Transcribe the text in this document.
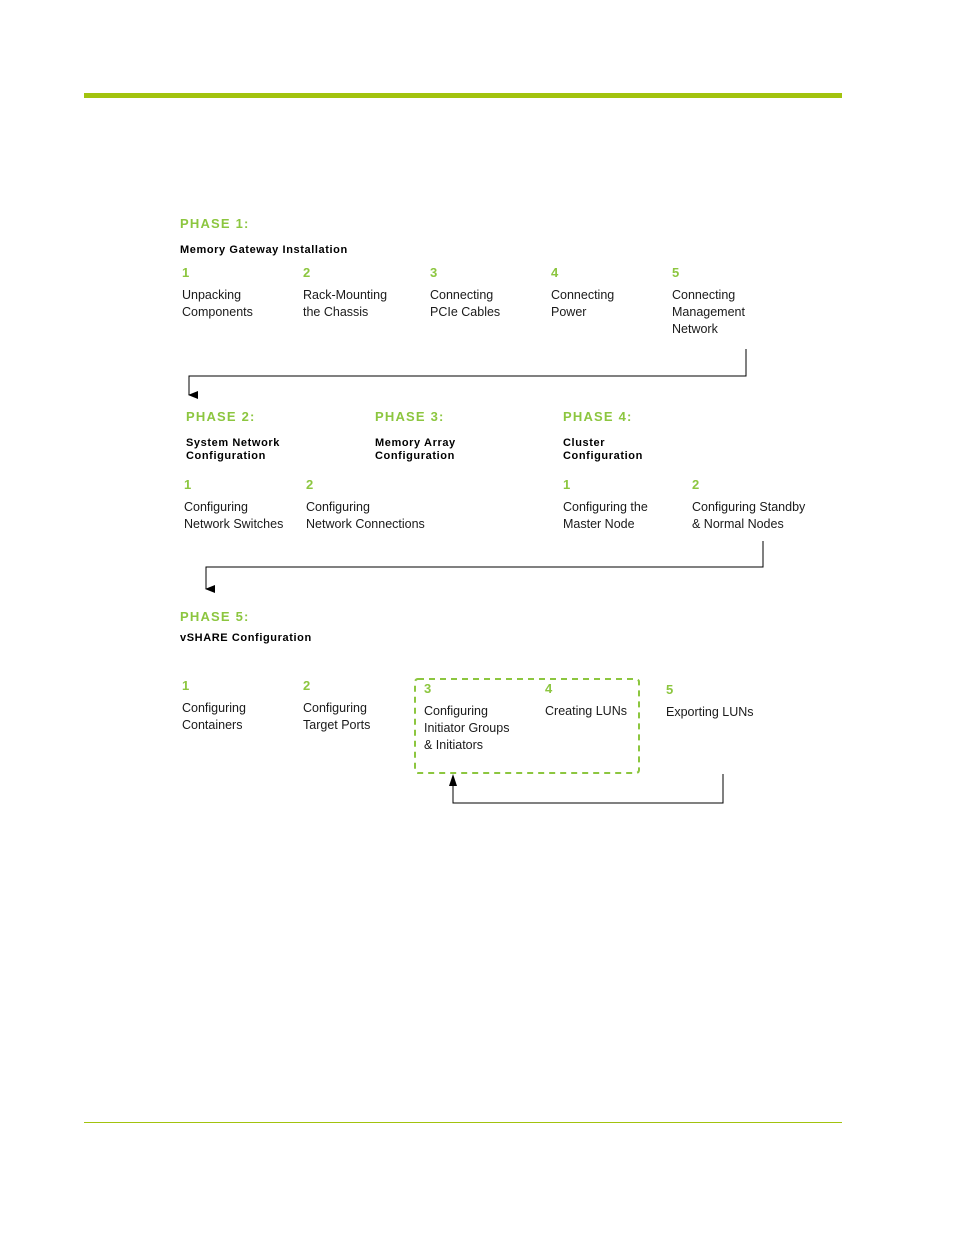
PHASE 1:
Memory Gateway Installation
1
Unpacking
Components
2
Rack-Mounting
the Chassis
3
Connecting
PCIe Cables
4
Connecting
Power
5
Connecting
Management
Network
PHASE 2:
System Network
Configuration
1
Configuring
Network Switches
2
Configuring
Network Connections
PHASE 3:
Memory Array
Configuration
PHASE 4:
Cluster
Configuration
1
Configuring the
Master Node
2
Configuring Standby
& Normal Nodes
PHASE 5:
vSHARE Configuration
1
Configuring
Containers
2
Configuring
Target Ports
3
Configuring
Initiator Groups
& Initiators
4
Creating LUNs
5
Exporting LUNs
